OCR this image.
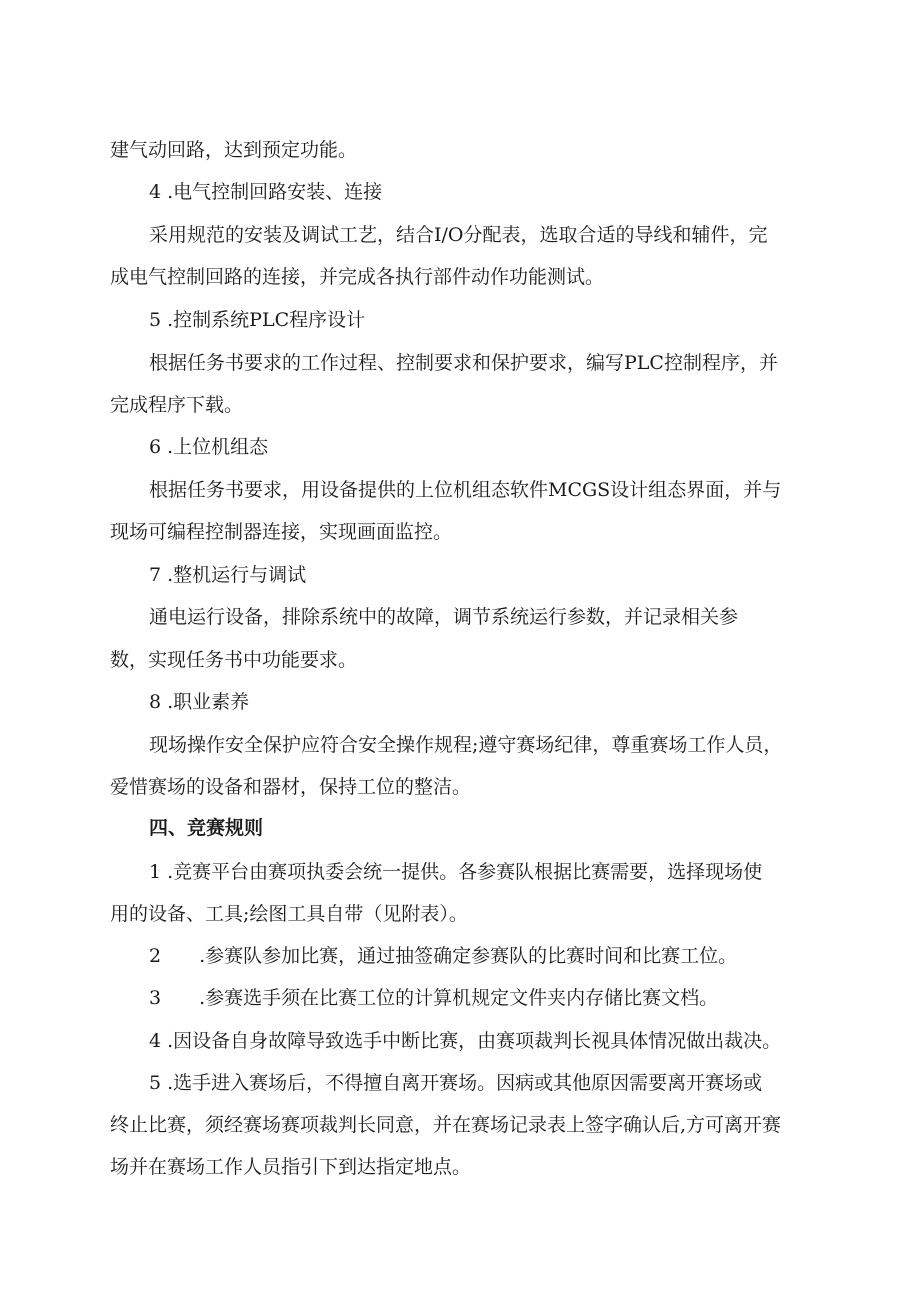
建气动回路，达到预定功能。
4 .电气控制回路安装、连接
采用规范的安装及调试工艺，结合I/O分配表，选取合适的导线和辅件，完
成电气控制回路的连接，并完成各执行部件动作功能测试。
5 .控制系统PLC程序设计
根据任务书要求的工作过程、控制要求和保护要求，编写PLC控制程序，并
完成程序下载。
6 .上位机组态
根据任务书要求，用设备提供的上位机组态软件MCGS设计组态界面，并与
现场可编程控制器连接，实现画面监控。
7 .整机运行与调试
通电运行设备，排除系统中的故障，调节系统运行参数，并记录相关参
数，实现任务书中功能要求。
8 .职业素养
现场操作安全保护应符合安全操作规程;遵守赛场纪律，尊重赛场工作人员，
爱惜赛场的设备和器材，保持工位的整洁。
四、竞赛规则
1 .竞赛平台由赛项执委会统一提供。各参赛队根据比赛需要，选择现场使
用的设备、工具;绘图工具自带（见附表）。
2　　.参赛队参加比赛，通过抽签确定参赛队的比赛时间和比赛工位。
3　　.参赛选手须在比赛工位的计算机规定文件夹内存储比赛文档。
4 .因设备自身故障导致选手中断比赛，由赛项裁判长视具体情况做出裁决。
5 .选手进入赛场后，不得擅自离开赛场。因病或其他原因需要离开赛场或
终止比赛，须经赛场赛项裁判长同意，并在赛场记录表上签字确认后,方可离开赛
场并在赛场工作人员指引下到达指定地点。
